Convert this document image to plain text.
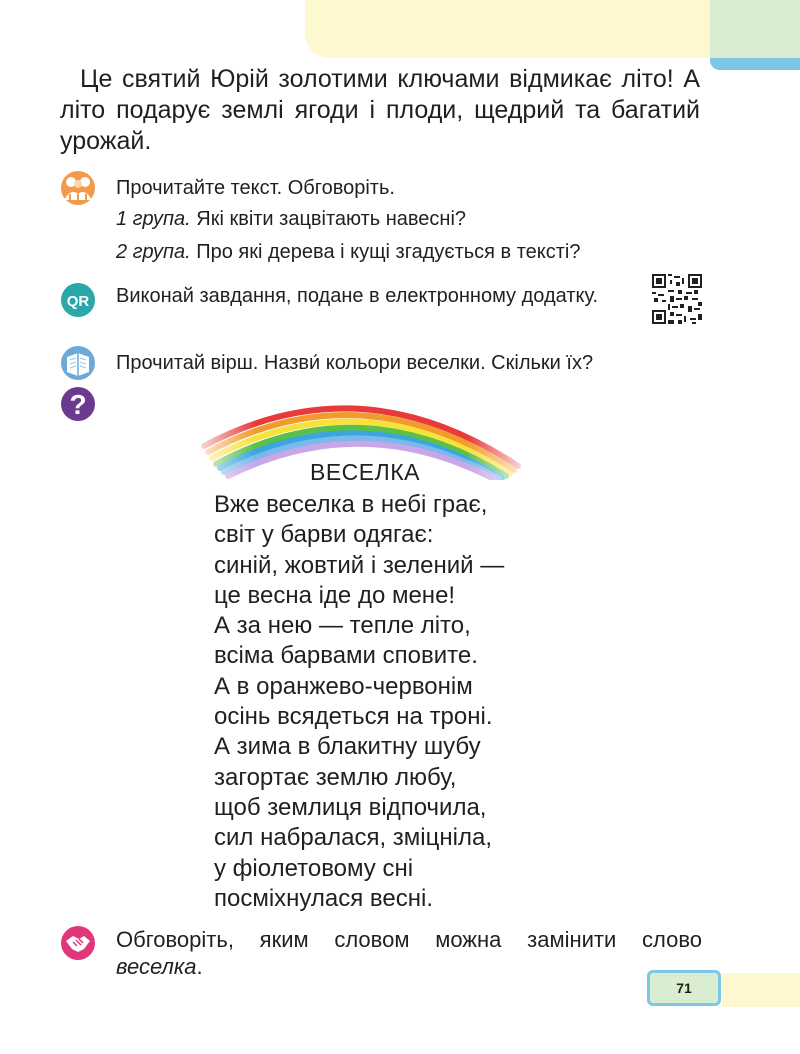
Це святий Юрій золотими ключами відмикає літо! А літо подарує землі ягоди і плоди, щедрий та багатий урожай.

Прочитайте текст. Обговоріть.
1 група. Які квіти зацвітають навесні?
2 група. Про які дерева і кущі згадується в тексті?
QR Виконай завдання, подане в електронному додатку.
Прочитай вірш. Назви́ кольори веселки. Скільки їх?
?
ВЕСЕЛКА
Вже веселка в небі грає,
світ у барви одягає:
синій, жовтий і зелений —
це весна іде до мене!
А за нею — тепле літо,
всіма барвами сповите.
А в оранжево-червонім
осінь всядеться на троні.
А зима в блакитну шубу
загортає землю любу,
щоб землиця відпочила,
сил набралася, зміцніла,
у фіолетовому сні
посміхнулася весні.
Обговоріть, яким словом можна замінити слово веселка.
71
